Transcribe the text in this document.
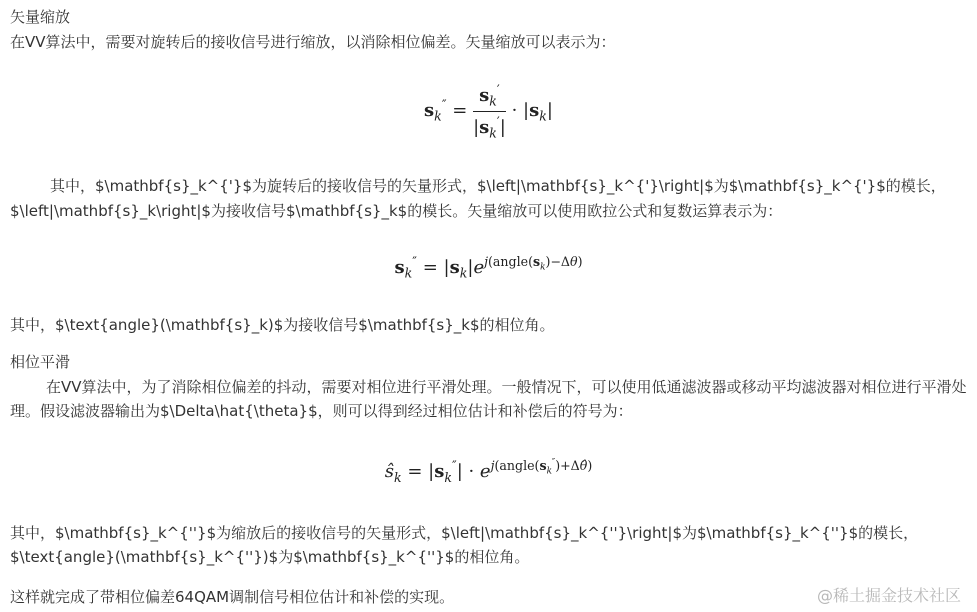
矢量缩放
在VV算法中，需要对旋转后的接收信号进行缩放，以消除相位偏差。矢量缩放可以表示为：
$s_k'' = \frac{s_k'}{|s_k'|} \cdot |s_k|$
其中，$\mathbf{s}_k^{'}$为旋转后的接收信号的矢量形式，$\left|\mathbf{s}_k^{'}\right|$为$\mathbf{s}_k^{'}$的模长，
$\left|\mathbf{s}_k\right|$为接收信号$\mathbf{s}_k$的模长。矢量缩放可以使用欧拉公式和复数运算表示为：
$s_k'' = |s_k|e^{j(angle(s_k)-\Delta\theta)}$
其中，$\text{angle}(\mathbf{s}_k)$为接收信号$\mathbf{s}_k$的相位角。
相位平滑
在VV算法中，为了消除相位偏差的抖动，需要对相位进行平滑处理。一般情况下，可以使用低通滤波器或移动平均滤波器对相位进行平滑处理。假设滤波器输出为$\Delta\hat{\theta}$，则可以得到经过相位估计和补偿后的符号为：
$ŝ_k = |s_k''| \cdot e^{j(angle(s_k'')+\Delta\thetâ)}$
其中，$\mathbf{s}_k^{''}$为缩放后的接收信号的矢量形式，$\left|\mathbf{s}_k^{''}\right|$为$\mathbf{s}_k^{''}$的模长，$\text{angle}(\mathbf{s}_k^{''})$为$\mathbf{s}_k^{''}$的相位角。
这样就完成了带相位偏差64QAM调制信号相位估计和补偿的实现。	@稀土掘金技术社区
